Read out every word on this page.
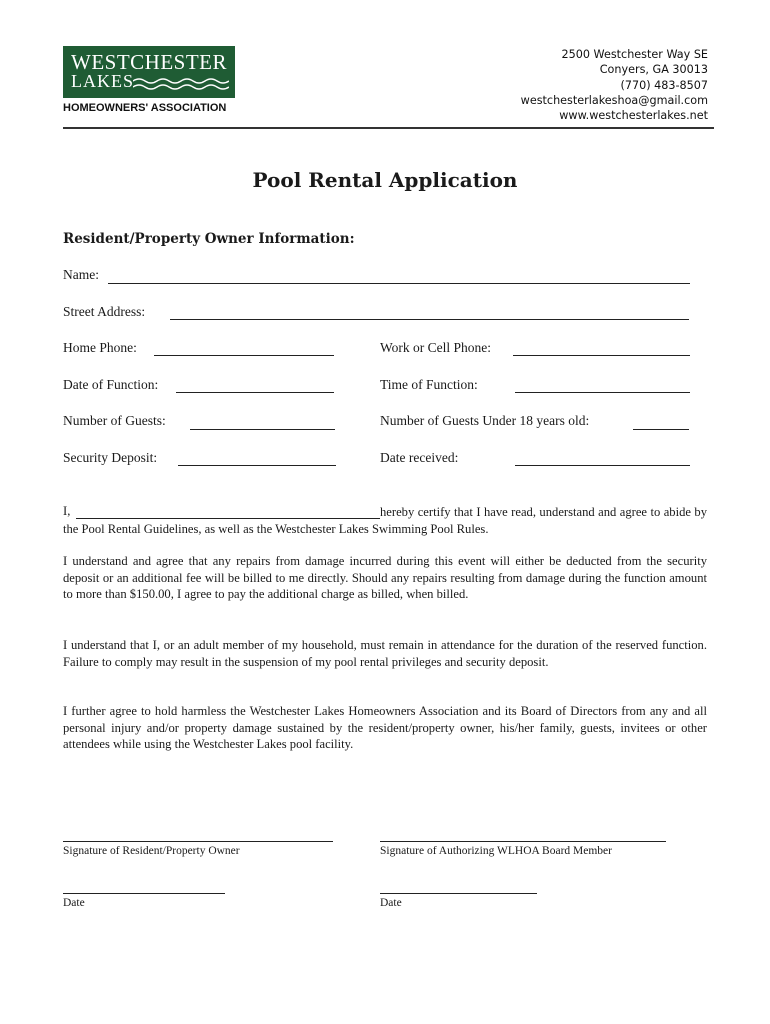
WESTCHESTER
LAKES
HOMEOWNERS' ASSOCIATION
2500 Westchester Way SE
Conyers, GA 30013
(770) 483-8507
westchesterlakeshoa@gmail.com
www.westchesterlakes.net
Pool Rental Application
Resident/Property Owner Information:
Name:
Street Address:
Home Phone:	Work or Cell Phone:
Date of Function:	Time of Function:
Number of Guests:	Number of Guests Under 18 years old:
Security Deposit:	Date received:
hereby certify that I have read, understand and agree to abide by the Pool Rental Guidelines, as well as the Westchester Lakes Swimming Pool Rules.
I,
I understand and agree that any repairs from damage incurred during this event will either be deducted from the security deposit or an additional fee will be billed to me directly. Should any repairs resulting from damage during the function amount to more than $150.00, I agree to pay the additional charge as billed, when billed.
I understand that I, or an adult member of my household, must remain in attendance for the duration of the reserved function. Failure to comply may result in the suspension of my pool rental privileges and security deposit.
I further agree to hold harmless the Westchester Lakes Homeowners Association and its Board of Directors from any and all personal injury and/or property damage sustained by the resident/property owner, his/her family, guests, invitees or other attendees while using the Westchester Lakes pool facility.
Signature of Resident/Property Owner	Signature of Authorizing WLHOA Board Member
Date	Date
